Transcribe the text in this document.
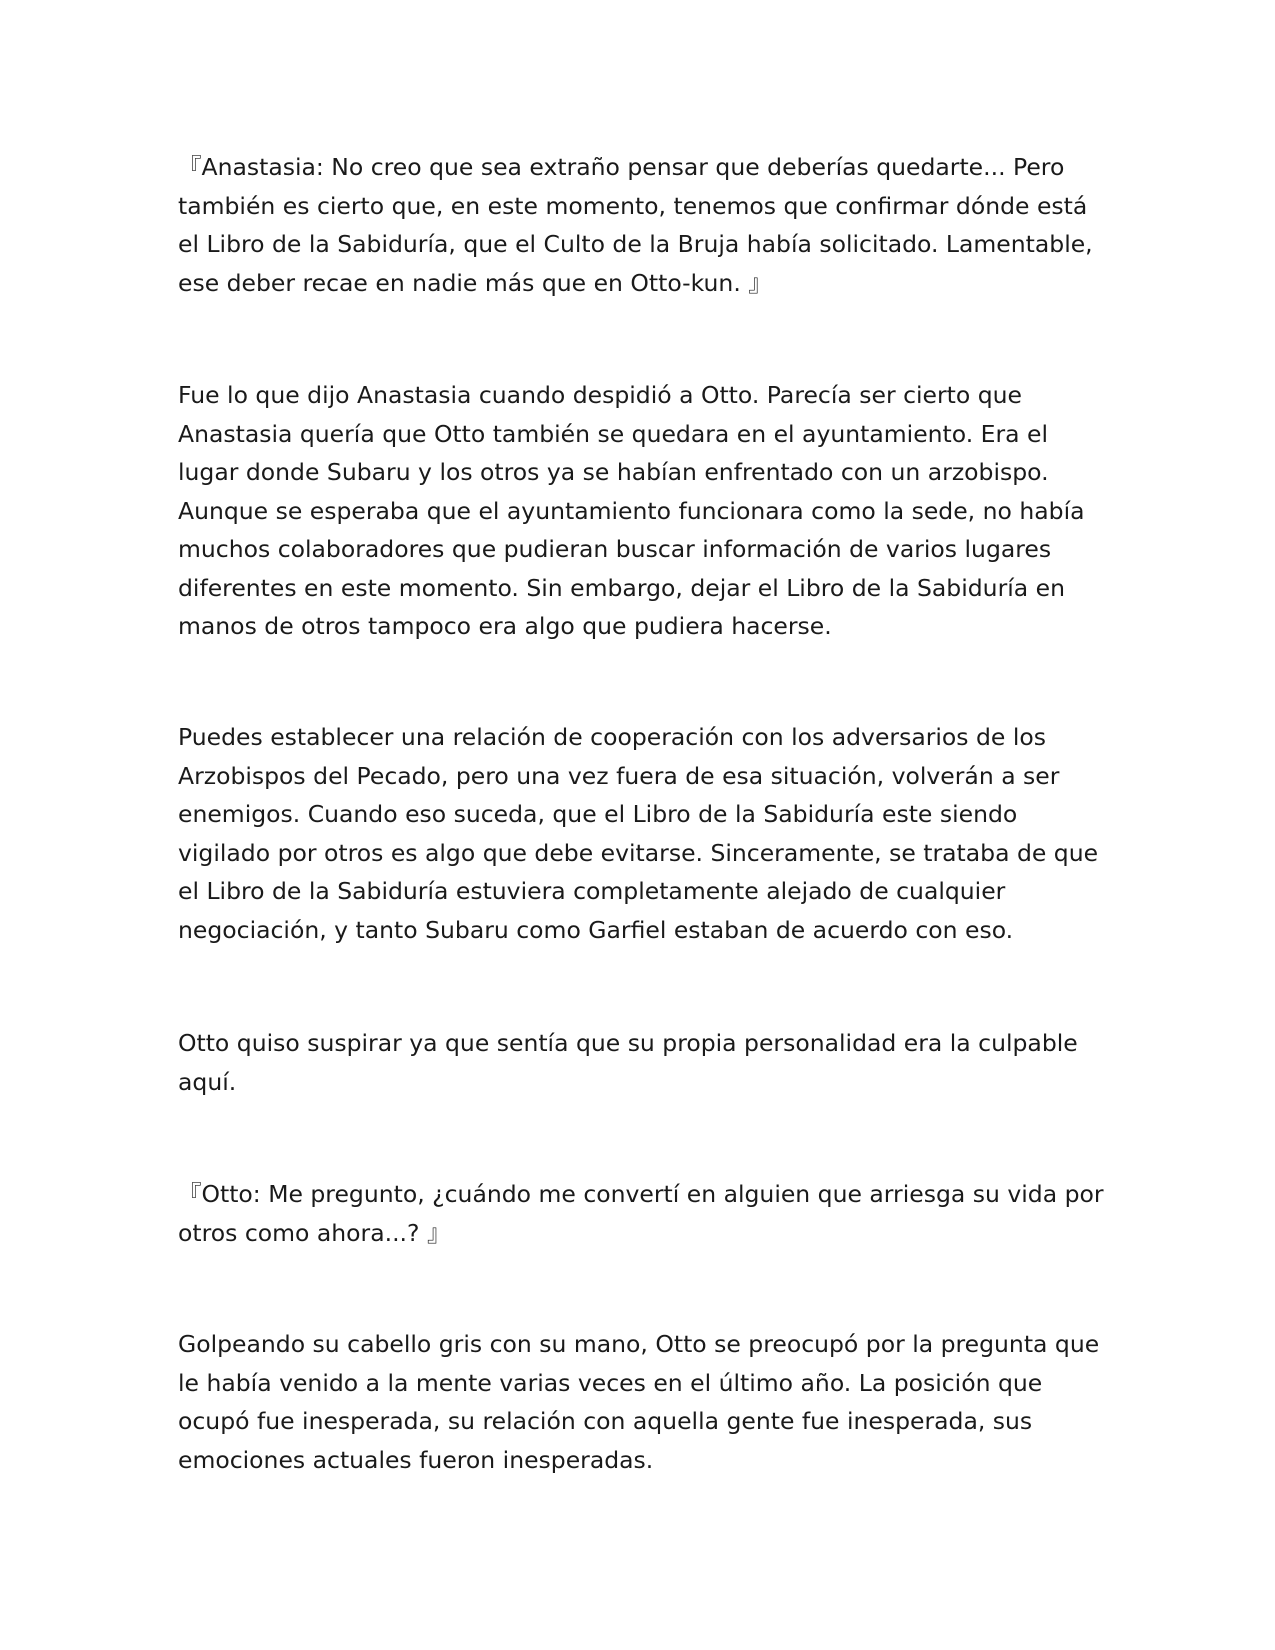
『Anastasia: No creo que sea extraño pensar que deberías quedarte... Pero también es cierto que, en este momento, tenemos que confirmar dónde está el Libro de la Sabiduría, que el Culto de la Bruja había solicitado. Lamentable, ese deber recae en nadie más que en Otto-kun. 』

Fue lo que dijo Anastasia cuando despidió a Otto. Parecía ser cierto que Anastasia quería que Otto también se quedara en el ayuntamiento. Era el lugar donde Subaru y los otros ya se habían enfrentado con un arzobispo. Aunque se esperaba que el ayuntamiento funcionara como la sede, no había muchos colaboradores que pudieran buscar información de varios lugares diferentes en este momento. Sin embargo, dejar el Libro de la Sabiduría en manos de otros tampoco era algo que pudiera hacerse.

Puedes establecer una relación de cooperación con los adversarios de los Arzobispos del Pecado, pero una vez fuera de esa situación, volverán a ser enemigos. Cuando eso suceda, que el Libro de la Sabiduría este siendo vigilado por otros es algo que debe evitarse. Sinceramente, se trataba de que el Libro de la Sabiduría estuviera completamente alejado de cualquier negociación, y tanto Subaru como Garfiel estaban de acuerdo con eso.

Otto quiso suspirar ya que sentía que su propia personalidad era la culpable aquí.

『Otto: Me pregunto, ¿cuándo me convertí en alguien que arriesga su vida por otros como ahora...? 』

Golpeando su cabello gris con su mano, Otto se preocupó por la pregunta que le había venido a la mente varias veces en el último año. La posición que ocupó fue inesperada, su relación con aquella gente fue inesperada, sus emociones actuales fueron inesperadas.
